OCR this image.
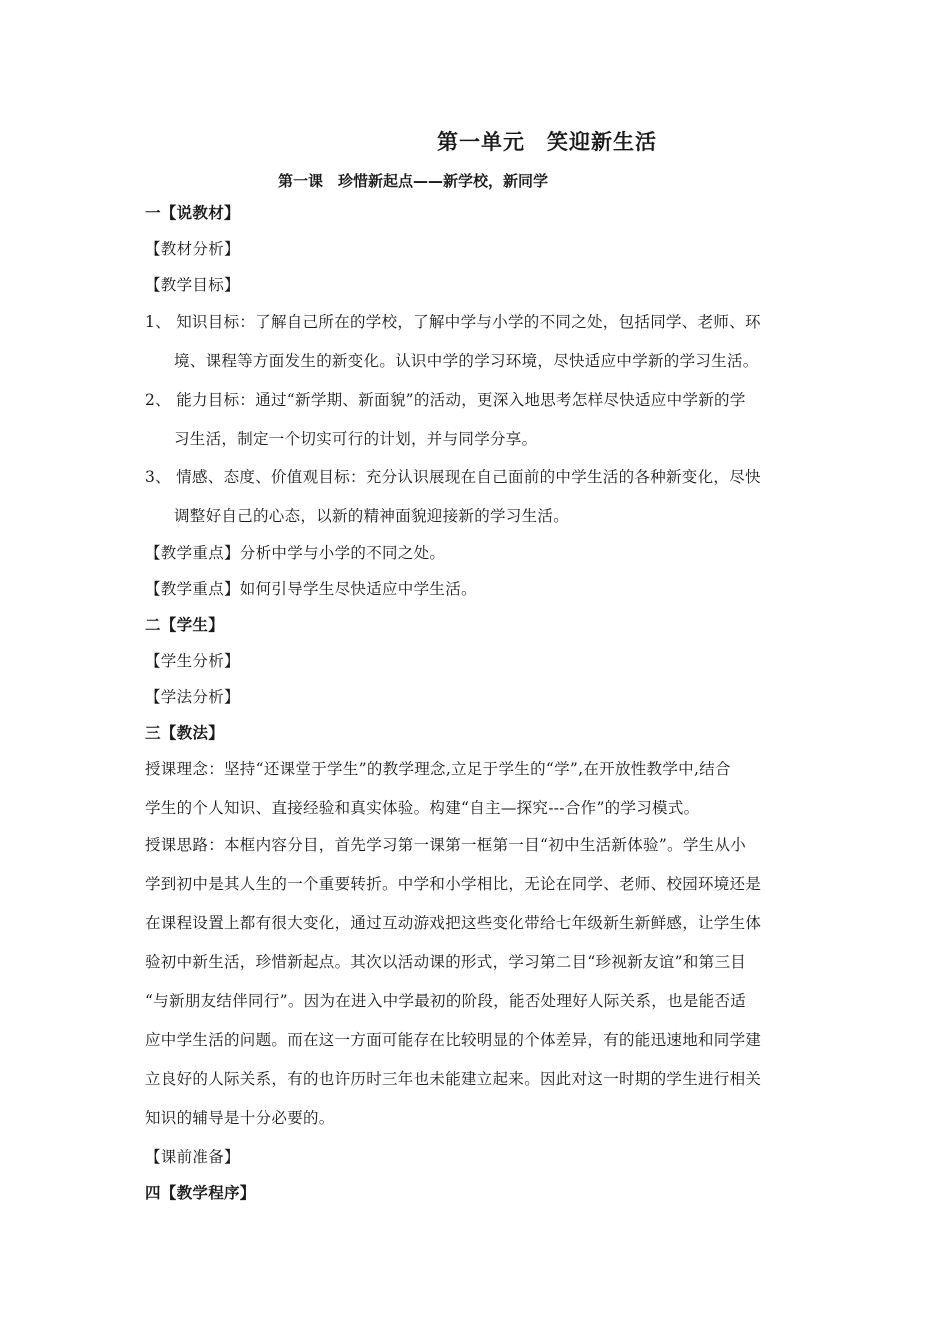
第一单元　笑迎新生活
第一课　珍惜新起点——新学校，新同学
一【说教材】
【教材分析】
【教学目标】
1、 知识目标：了解自己所在的学校，了解中学与小学的不同之处，包括同学、老师、环
境、课程等方面发生的新变化。认识中学的学习环境，尽快适应中学新的学习生活。
2、 能力目标：通过“新学期、新面貌”的活动，更深入地思考怎样尽快适应中学新的学
习生活，制定一个切实可行的计划，并与同学分享。
3、 情感、态度、价值观目标：充分认识展现在自己面前的中学生活的各种新变化，尽快
调整好自己的心态，以新的精神面貌迎接新的学习生活。
【教学重点】分析中学与小学的不同之处。
【教学重点】如何引导学生尽快适应中学生活。
二【学生】
【学生分析】
【学法分析】
三【教法】
授课理念：坚持“还课堂于学生”的教学理念,立足于学生的“学”,在开放性教学中,结合
学生的个人知识、直接经验和真实体验。构建“自主—探究---合作”的学习模式。
授课思路：本框内容分目，首先学习第一课第一框第一目“初中生活新体验”。学生从小
学到初中是其人生的一个重要转折。中学和小学相比，无论在同学、老师、校园环境还是
在课程设置上都有很大变化，通过互动游戏把这些变化带给七年级新生新鲜感，让学生体
验初中新生活，珍惜新起点。其次以活动课的形式，学习第二目“珍视新友谊”和第三目
“与新朋友结伴同行”。因为在进入中学最初的阶段，能否处理好人际关系，也是能否适
应中学生活的问题。而在这一方面可能存在比较明显的个体差异，有的能迅速地和同学建
立良好的人际关系，有的也许历时三年也未能建立起来。因此对这一时期的学生进行相关
知识的辅导是十分必要的。
【课前准备】
四【教学程序】
